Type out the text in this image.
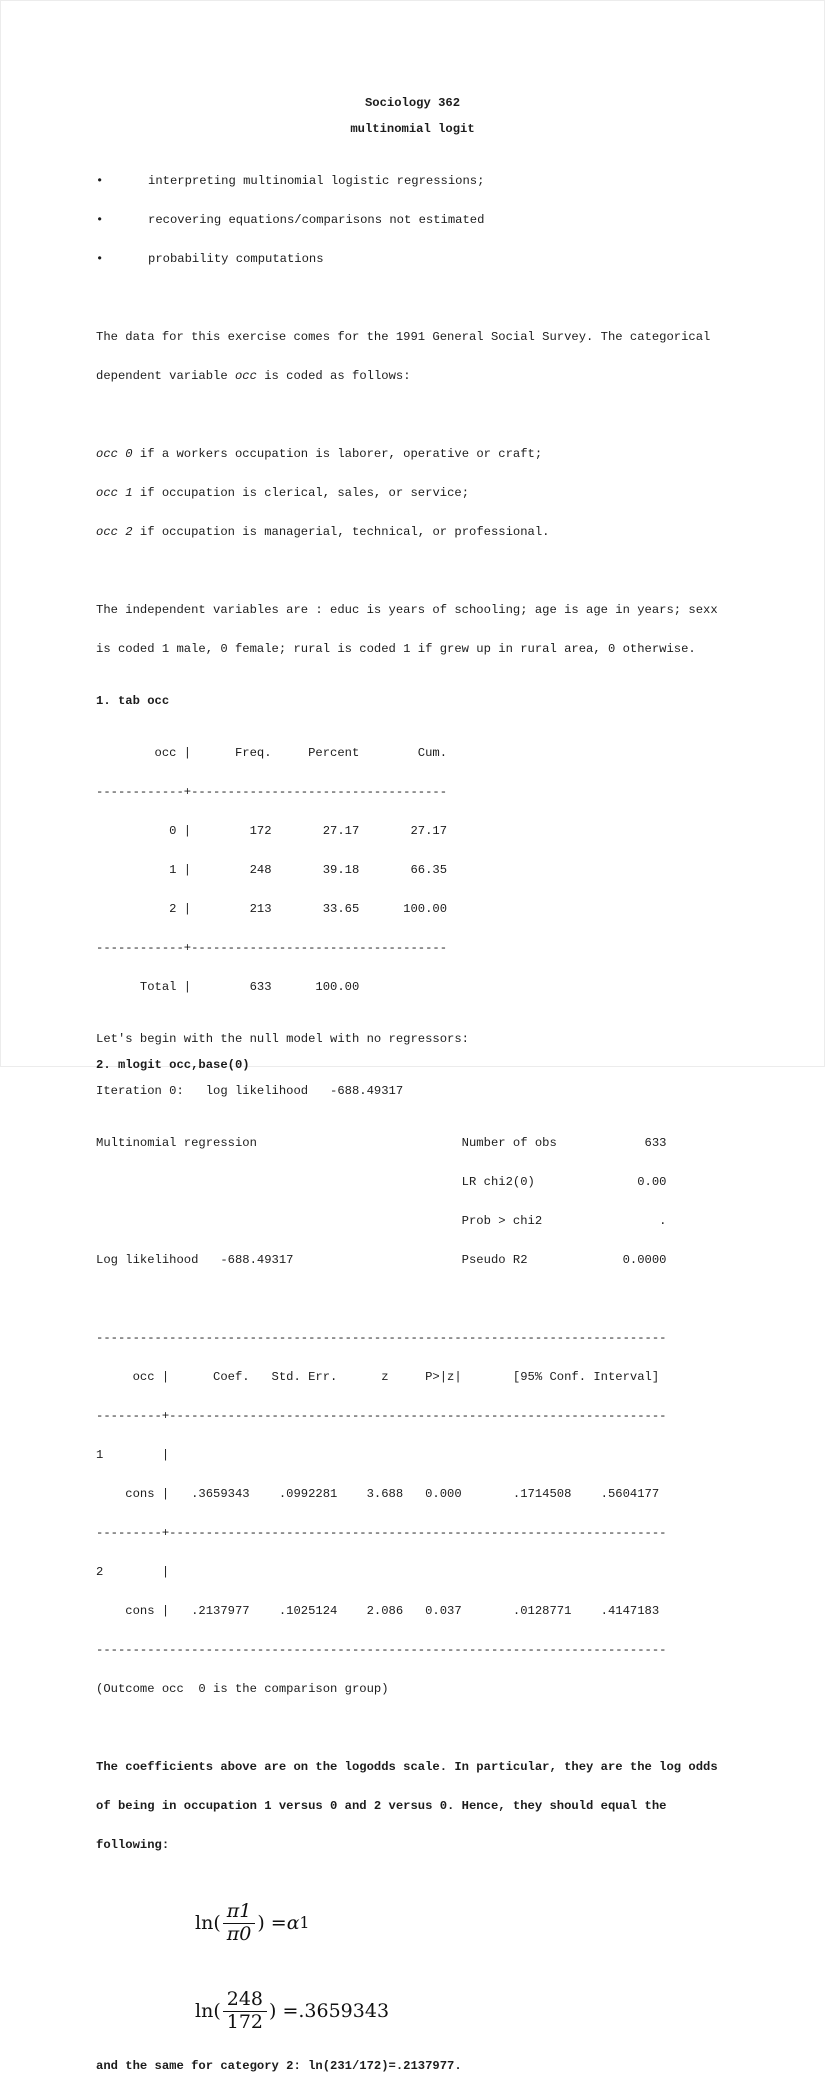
Sociology 362
multinomial logit

•	interpreting multinomial logistic regressions;

•	recovering equations/comparisons not estimated

•	probability computations

The data for this exercise comes for the 1991 General Social Survey. The categorical

dependent variable occ is coded as follows:

occ 0 if a workers occupation is laborer, operative or craft;

occ 1 if occupation is clerical, sales, or service;

occ 2 if occupation is managerial, technical, or professional.

The independent variables are : educ is years of schooling; age is age in years; sexx

is coded 1 male, 0 female; rural is coded 1 if grew up in rural area, 0 otherwise.

1. tab occ

occ |      Freq.     Percent        Cum.

------------+-----------------------------------

0 |        172       27.17       27.17

1 |        248       39.18       66.35

2 |        213       33.65      100.00

------------+-----------------------------------

Total |        633      100.00

Let's begin with the null model with no regressors:
2. mlogit occ,base(0)
Iteration 0:   log likelihood   -688.49317

Multinomial regression                            Number of obs            633

LR chi2(0)              0.00

Prob > chi2                .

Log likelihood   -688.49317                       Pseudo R2             0.0000

------------------------------------------------------------------------------

occ |      Coef.   Std. Err.      z     P>|z|       [95% Conf. Interval]

---------+--------------------------------------------------------------------

1        |

cons |   .3659343    .0992281    3.688   0.000       .1714508    .5604177

---------+--------------------------------------------------------------------

2        |

cons |   .2137977    .1025124    2.086   0.037       .0128771    .4147183

------------------------------------------------------------------------------

(Outcome occ  0 is the comparison group)

The coefficients above are on the logodds scale. In particular, they are the log odds

of being in occupation 1 versus 0 and 2 versus 0. Hence, they should equal the

following:

$\ln( \frac{\pi 1}{\pi 0}$ ) = α 1
$\ln( \frac{248}{172}$ ) = .3659343
and the same for category 2: ln(231/172)=.2137977.
